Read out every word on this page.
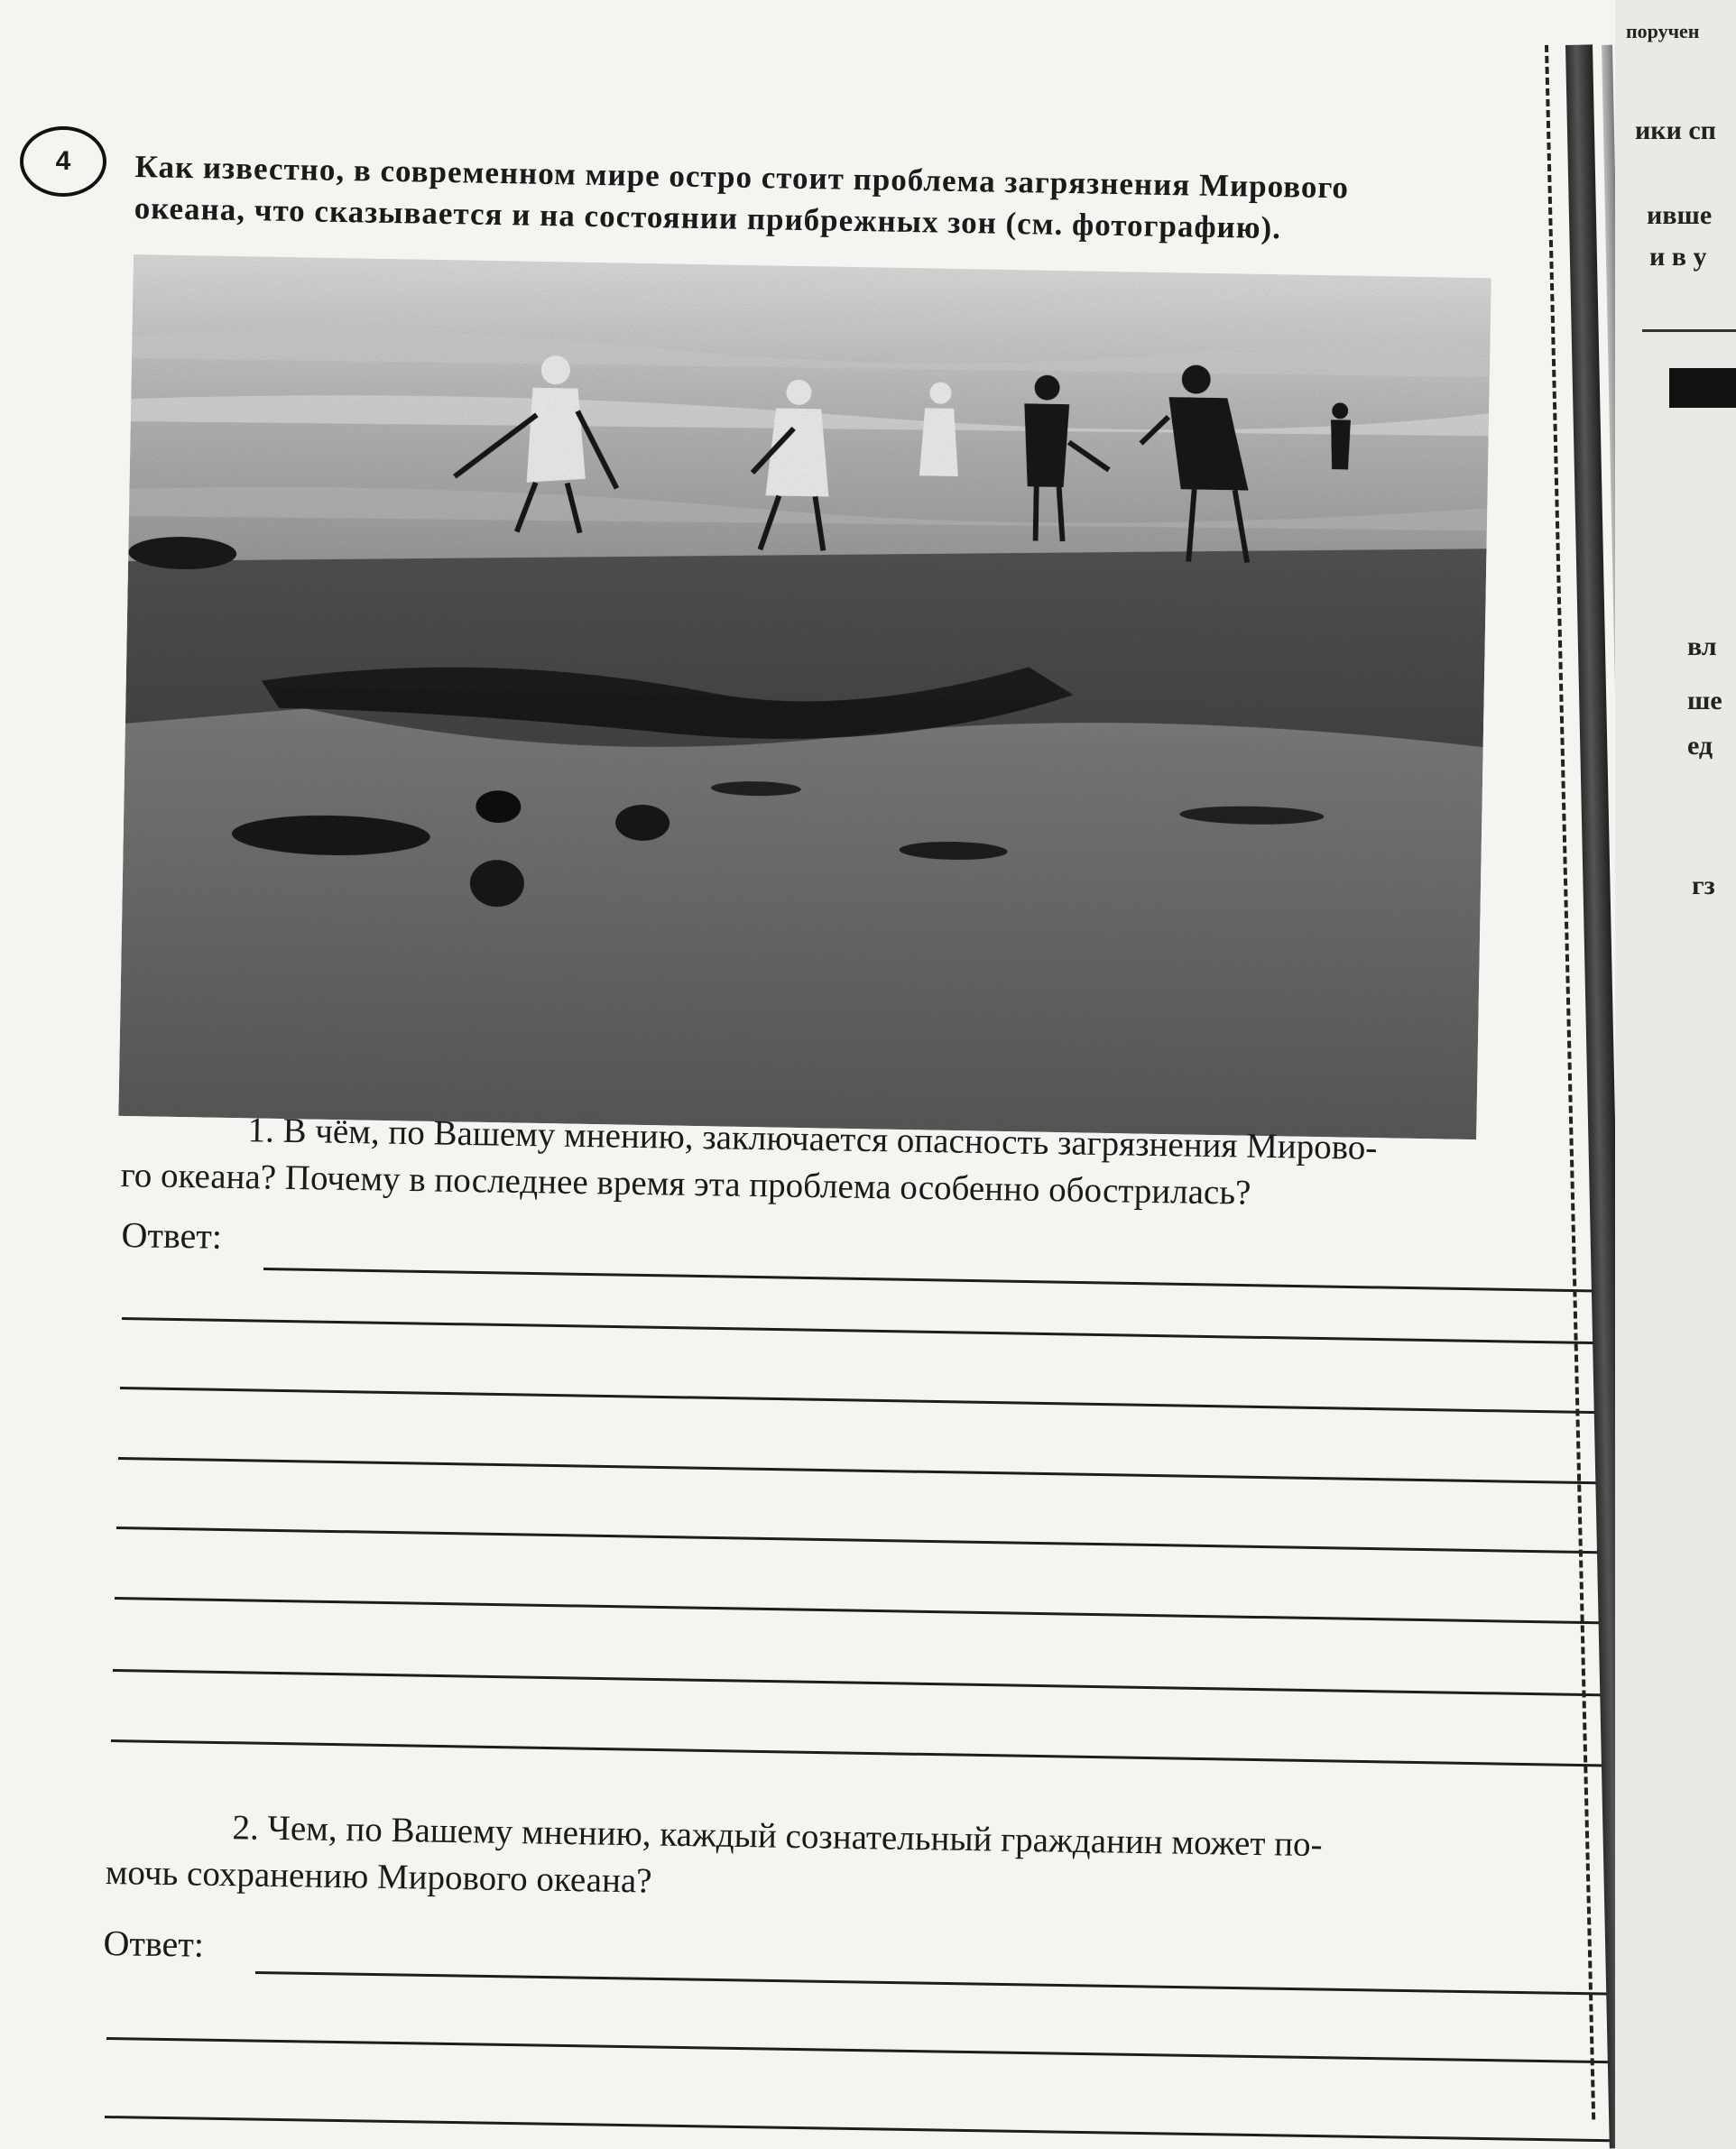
4 Как известно, в современном мире остро стоит проблема загрязнения Мирового
океана, что сказывается и на состоянии прибрежных зон (см. фотографию).
1. В чём, по Вашему мнению, заключается опасность загрязнения Мирово-
го океана? Почему в последнее время эта проблема особенно обострилась?
Ответ:
2. Чем, по Вашему мнению, каждый сознательный гражданин может по-
мочь сохранению Мирового океана?
Ответ:
поручен
ики сп
ивше
и в у
вл
ше
ед
гз
